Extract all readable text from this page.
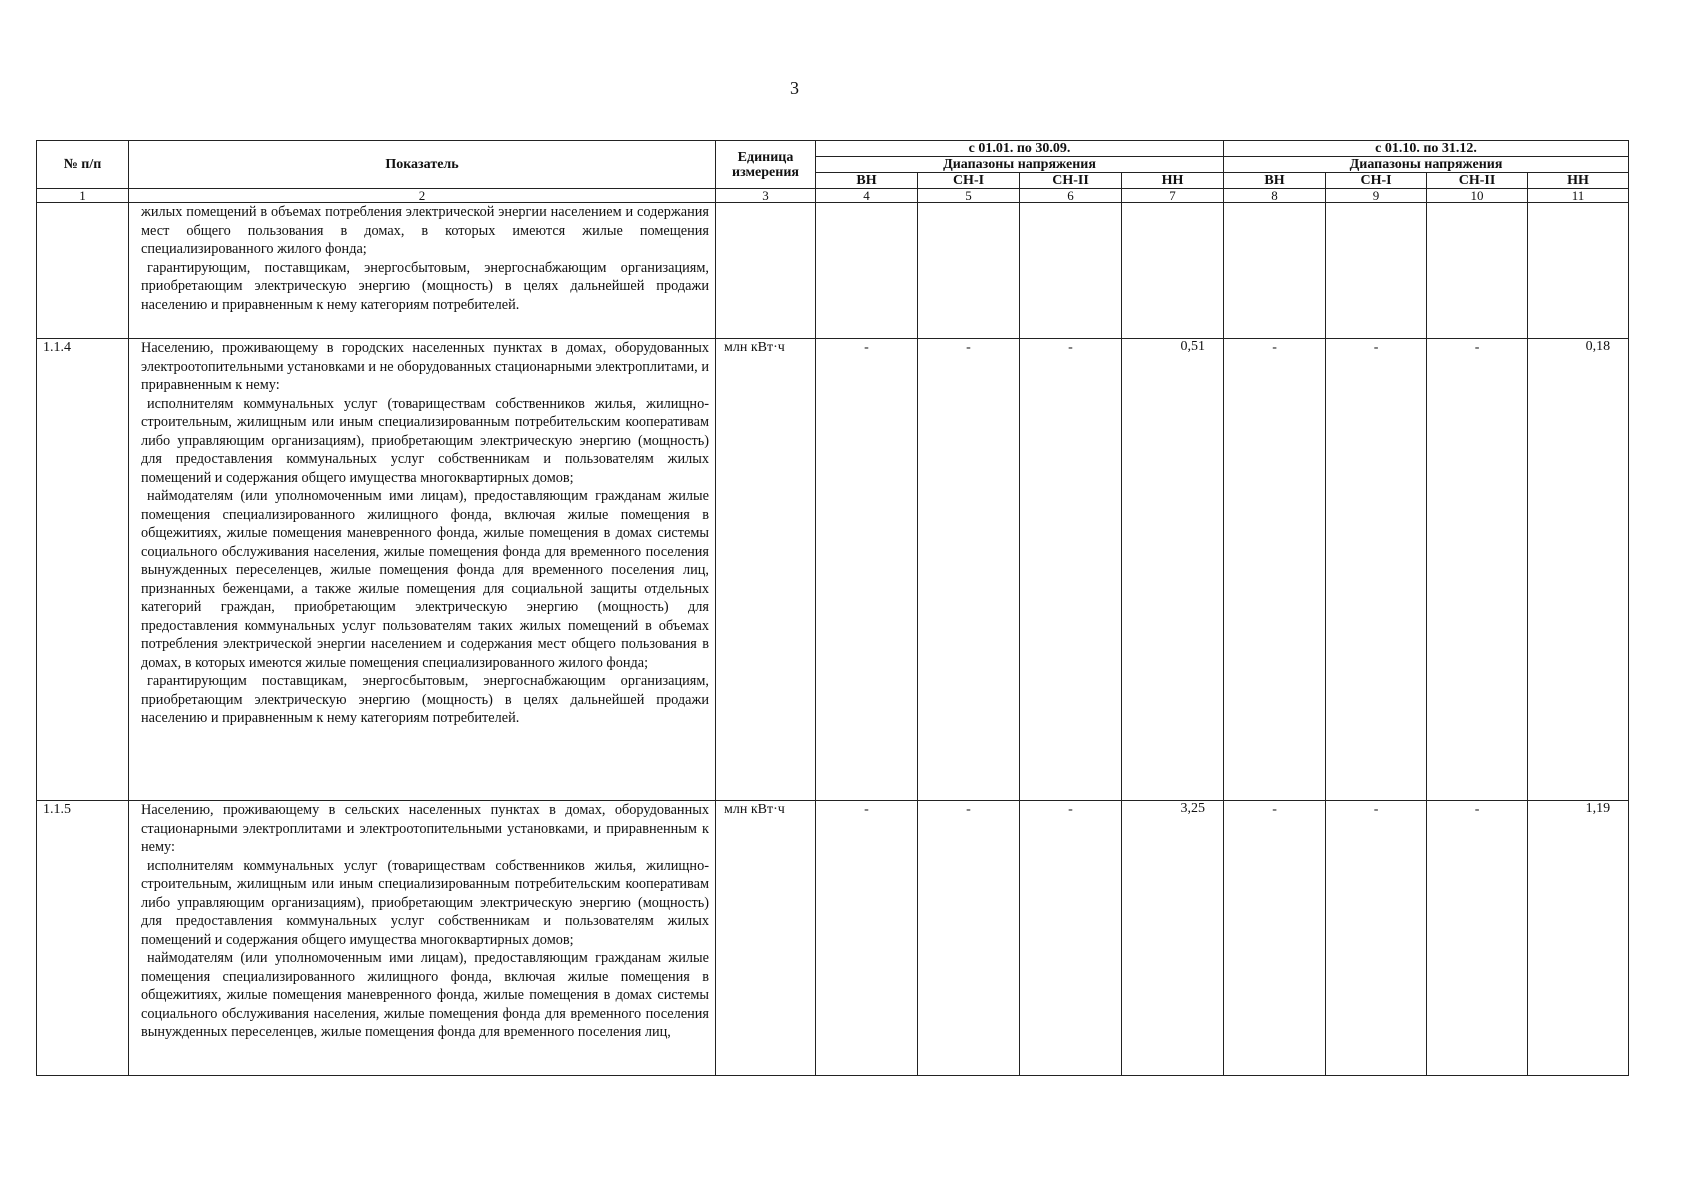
3
№ п/п	Показатель	Единица измерения	с 01.01. по 30.09.				с 01.10. по 31.12.			
			Диапазоны напряжения				Диапазоны напряжения			
			ВН	СН-I	СН-II	НН	ВН	СН-I	СН-II	НН
1	2	3	4	5	6	7	8	9	10	11

	жилых помещений в объемах потребления электрической энергии населением и содержания мест общего пользования в домах, в которых имеются жилые помещения специализированного жилого фонда;

гарантирующим, поставщикам, энергосбытовым, энергоснабжающим организациям, приобретающим электрическую энергию (мощность) в целях дальнейшей продажи населению и приравненным к нему категориям потребителей.									

1.1.4	Населению, проживающему в городских населенных пунктах в домах, оборудованных электроотопительными установками и не оборудованных стационарными электроплитами, и приравненным к нему:

исполнителям коммунальных услуг (товариществам собственников жилья, жилищно-строительным, жилищным или иным специализированным потребительским кооперативам либо управляющим организациям), приобретающим электрическую энергию (мощность) для предоставления коммунальных услуг собственникам и пользователям жилых помещений и содержания общего имущества многоквартирных домов;

наймодателям (или уполномоченным ими лицам), предоставляющим гражданам жилые помещения специализированного жилищного фонда, включая жилые помещения в общежитиях, жилые помещения маневренного фонда, жилые помещения в домах системы социального обслуживания населения, жилые помещения фонда для временного поселения вынужденных переселенцев, жилые помещения фонда для временного поселения лиц, признанных беженцами, а также жилые помещения для социальной защиты отдельных категорий граждан, приобретающим электрическую энергию (мощность) для предоставления коммунальных услуг пользователям таких жилых помещений в объемах потребления электрической энергии населением и содержания мест общего пользования в домах, в которых имеются жилые помещения специализированного жилого фонда;

гарантирующим поставщикам, энергосбытовым, энергоснабжающим организациям, приобретающим электрическую энергию (мощность) в целях дальнейшей продажи населению и приравненным к нему категориям потребителей.	млн кВт·ч	-	-	-	0,51	-	-	-	0,18
1.1.5	Населению, проживающему в сельских населенных пунктах в домах, оборудованных стационарными электроплитами и электроотопительными установками, и приравненным к нему:

исполнителям коммунальных услуг (товариществам собственников жилья, жилищно-строительным, жилищным или иным специализированным потребительским кооперативам либо управляющим организациям), приобретающим электрическую энергию (мощность) для предоставления коммунальных услуг собственникам и пользователям жилых помещений и содержания общего имущества многоквартирных домов;

наймодателям (или уполномоченным ими лицам), предоставляющим гражданам жилые помещения специализированного жилищного фонда, включая жилые помещения в общежитиях, жилые помещения маневренного фонда, жилые помещения в домах системы социального обслуживания населения, жилые помещения фонда для временного поселения вынужденных переселенцев, жилые помещения фонда для временного поселения лиц,	млн кВт·ч	-	-	-	3,25	-	-	-	1,19
